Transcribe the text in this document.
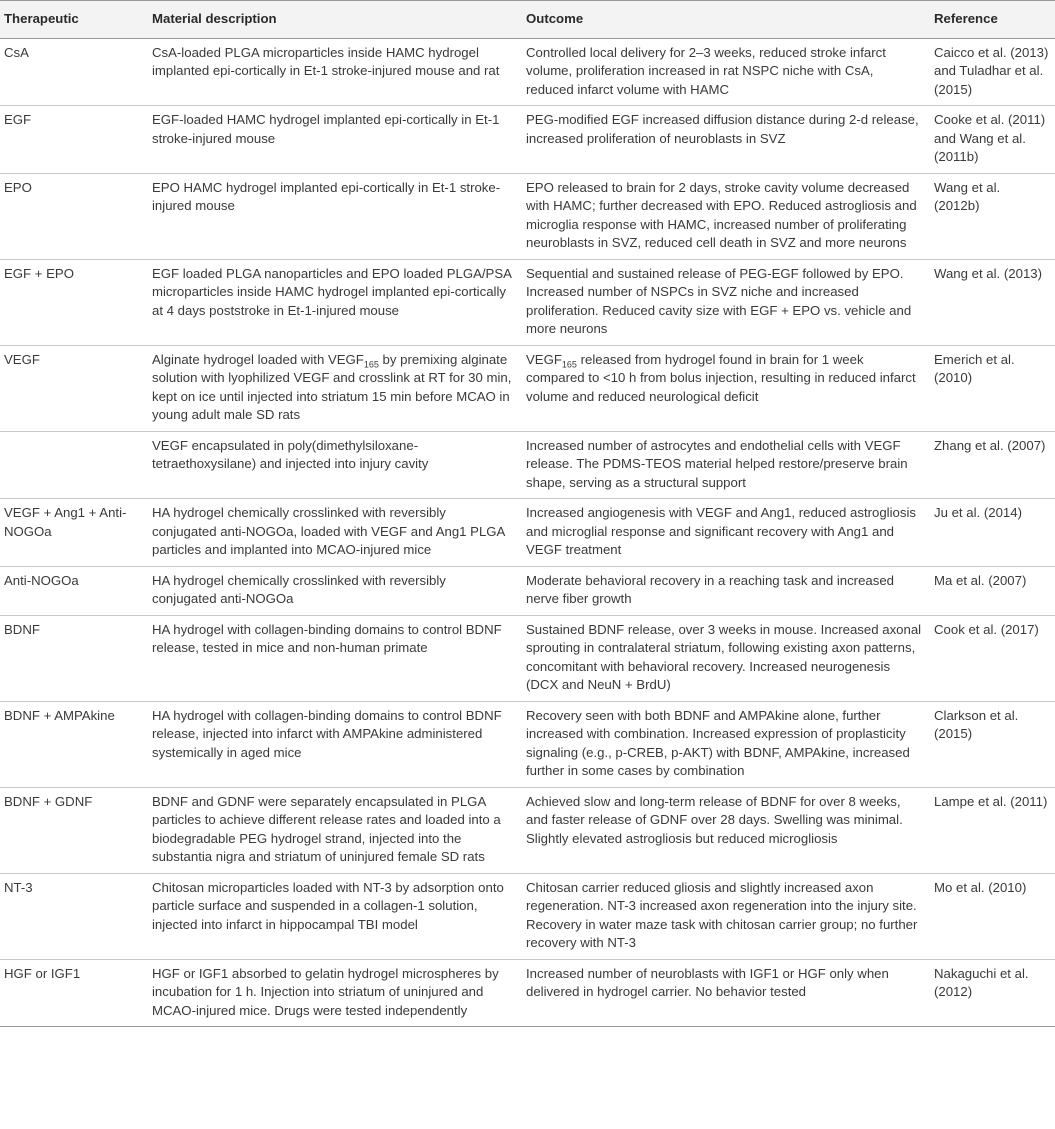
Therapeutic	Material description	Outcome	Reference
CsA	CsA-loaded PLGA microparticles inside HAMC hydrogel implanted epi-cortically in Et-1 stroke-injured mouse and rat	Controlled local delivery for 2–3 weeks, reduced stroke infarct volume, proliferation increased in rat NSPC niche with CsA, reduced infarct volume with HAMC	Caicco et al. (2013) and Tuladhar et al. (2015)
EGF	EGF-loaded HAMC hydrogel implanted epi-cortically in Et-1 stroke-injured mouse	PEG-modified EGF increased diffusion distance during 2-d release, increased proliferation of neuroblasts in SVZ	Cooke et al. (2011) and Wang et al. (2011b)
EPO	EPO HAMC hydrogel implanted epi-cortically in Et-1 stroke-injured mouse	EPO released to brain for 2 days, stroke cavity volume decreased with HAMC; further decreased with EPO. Reduced astrogliosis and microglia response with HAMC, increased number of proliferating neuroblasts in SVZ, reduced cell death in SVZ and more neurons	Wang et al. (2012b)
EGF + EPO	EGF loaded PLGA nanoparticles and EPO loaded PLGA/PSA microparticles inside HAMC hydrogel implanted epi-cortically at 4 days poststroke in Et-1-injured mouse	Sequential and sustained release of PEG-EGF followed by EPO. Increased number of NSPCs in SVZ niche and increased proliferation. Reduced cavity size with EGF + EPO vs. vehicle and more neurons	Wang et al. (2013)
VEGF	Alginate hydrogel loaded with $VEGF_{165}$ by premixing alginate solution with lyophilized VEGF and crosslink at RT for 30 min, kept on ice until injected into striatum 15 min before MCAO in young adult male SD rats	$VEGF_{165}$ released from hydrogel found in brain for 1 week compared to <10 h from bolus injection, resulting in reduced infarct volume and reduced neurological deficit	Emerich et al. (2010)
	VEGF encapsulated in poly(dimethylsiloxane-tetraethoxysilane) and injected into injury cavity	Increased number of astrocytes and endothelial cells with VEGF release. The PDMS-TEOS material helped restore/preserve brain shape, serving as a structural support	Zhang et al. (2007)
VEGF + Ang1 + Anti-NOGOa	HA hydrogel chemically crosslinked with reversibly conjugated anti-NOGOa, loaded with VEGF and Ang1 PLGA particles and implanted into MCAO-injured mice	Increased angiogenesis with VEGF and Ang1, reduced astrogliosis and microglial response and significant recovery with Ang1 and VEGF treatment	Ju et al. (2014)
Anti-NOGOa	HA hydrogel chemically crosslinked with reversibly conjugated anti-NOGOa	Moderate behavioral recovery in a reaching task and increased nerve fiber growth	Ma et al. (2007)
BDNF	HA hydrogel with collagen-binding domains to control BDNF release, tested in mice and non-human primate	Sustained BDNF release, over 3 weeks in mouse. Increased axonal sprouting in contralateral striatum, following existing axon patterns, concomitant with behavioral recovery. Increased neurogenesis (DCX and NeuN + BrdU)	Cook et al. (2017)
BDNF + AMPAkine	HA hydrogel with collagen-binding domains to control BDNF release, injected into infarct with AMPAkine administered systemically in aged mice	Recovery seen with both BDNF and AMPAkine alone, further increased with combination. Increased expression of proplasticity signaling (e.g., p-CREB, p-AKT) with BDNF, AMPAkine, increased further in some cases by combination	Clarkson et al. (2015)
BDNF + GDNF	BDNF and GDNF were separately encapsulated in PLGA particles to achieve different release rates and loaded into a biodegradable PEG hydrogel strand, injected into the substantia nigra and striatum of uninjured female SD rats	Achieved slow and long-term release of BDNF for over 8 weeks, and faster release of GDNF over 28 days. Swelling was minimal. Slightly elevated astrogliosis but reduced microgliosis	Lampe et al. (2011)
NT-3	Chitosan microparticles loaded with NT-3 by adsorption onto particle surface and suspended in a collagen-1 solution, injected into infarct in hippocampal TBI model	Chitosan carrier reduced gliosis and slightly increased axon regeneration. NT-3 increased axon regeneration into the injury site. Recovery in water maze task with chitosan carrier group; no further recovery with NT-3	Mo et al. (2010)
HGF or IGF1	HGF or IGF1 absorbed to gelatin hydrogel microspheres by incubation for 1 h. Injection into striatum of uninjured and MCAO-injured mice. Drugs were tested independently	Increased number of neuroblasts with IGF1 or HGF only when delivered in hydrogel carrier. No behavior tested	Nakaguchi et al. (2012)
